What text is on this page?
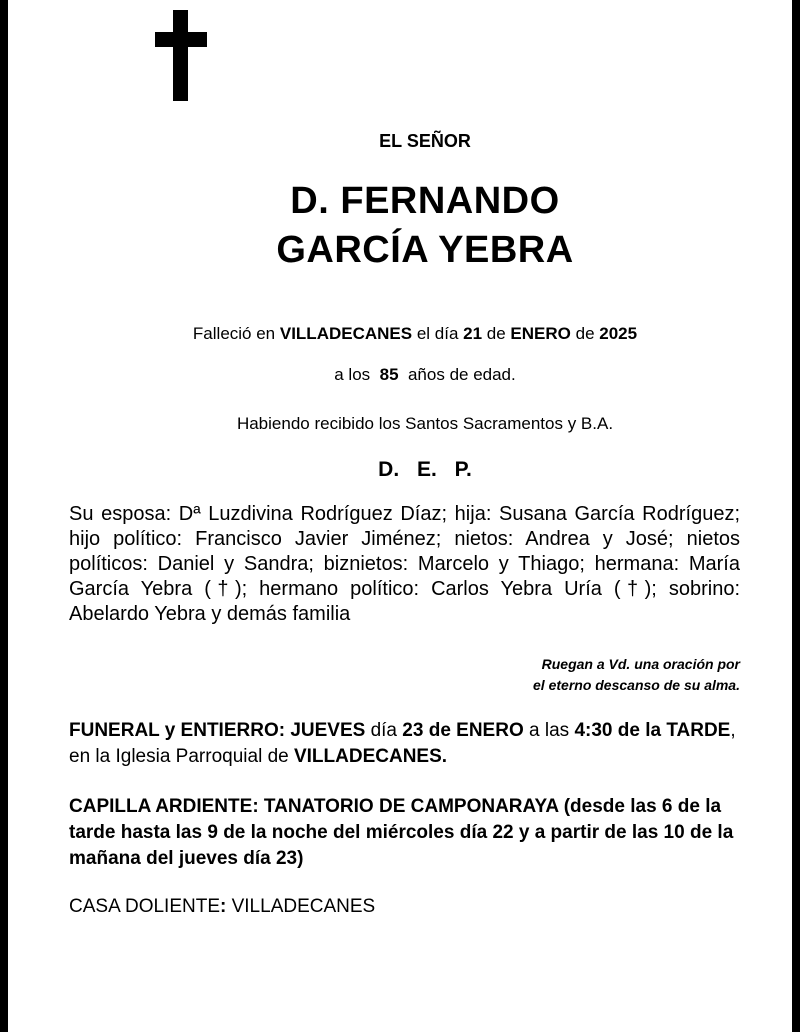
EL SEÑOR
D. FERNANDO
GARCÍA YEBRA
Falleció en VILLADECANES el día 21 de ENERO de 2025
a los  85  años de edad.
Habiendo recibido los Santos Sacramentos y B.A.
D. E. P.
Su esposa: Dª Luzdivina Rodríguez Díaz; hija: Susana García Rodríguez; hijo político: Francisco Javier Jiménez; nietos: Andrea y José; nietos políticos: Daniel y Sandra; biznietos: Marcelo y Thiago; hermana: María García Yebra (†); hermano político: Carlos Yebra Uría (†); sobrino: Abelardo Yebra y demás familia
Ruegan a Vd. una oración por
el eterno descanso de su alma.
FUNERAL y ENTIERRO: JUEVES día 23 de ENERO a las 4:30 de la TARDE,
en la Iglesia Parroquial de VILLADECANES.
CAPILLA ARDIENTE: TANATORIO DE CAMPONARAYA (desde las 6 de la tarde hasta las 9 de la noche del miércoles día 22 y a partir de las 10 de la mañana del jueves día 23)
CASA DOLIENTE: VILLADECANES
